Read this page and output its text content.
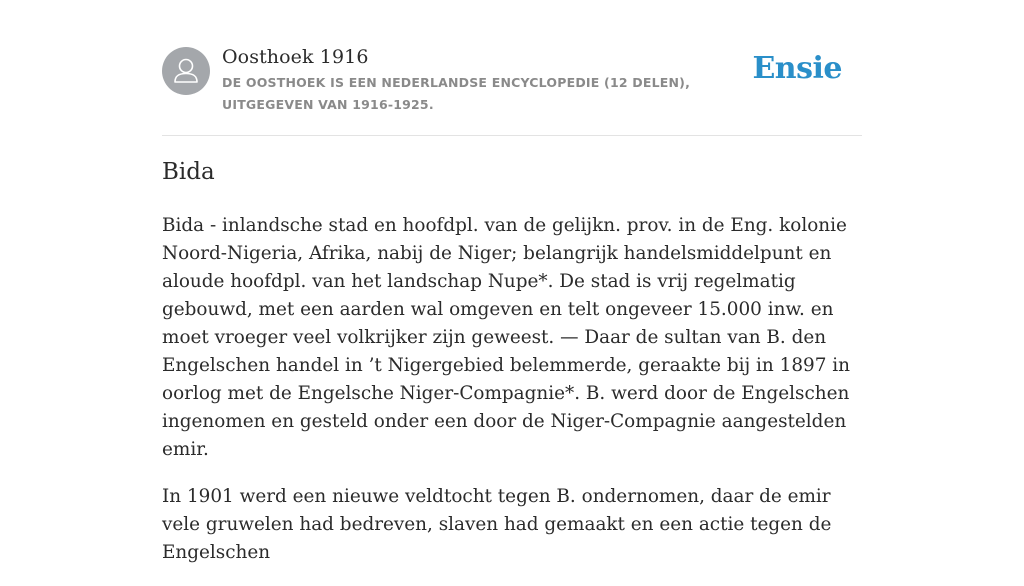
Oosthoek 1916
DE OOSTHOEK IS EEN NEDERLANDSE ENCYCLOPEDIE (12 DELEN), UITGEGEVEN VAN 1916-1925.
Ensie
Bida

Bida - inlandsche stad en hoofdpl. van de gelijkn. prov. in de Eng. kolonie Noord-Nigeria, Afrika, nabij de Niger; belangrijk handelsmiddelpunt en aloude hoofdpl. van het landschap Nupe*. De stad is vrij regelmatig gebouwd, met een aarden wal omgeven en telt ongeveer 15.000 inw. en moet vroeger veel volkrijker zijn geweest. — Daar de sultan van B. den Engelschen handel in ’t Nigergebied belemmerde, geraakte bij in 1897 in oorlog met de Engelsche Niger-Compagnie*. B. werd door de Engelschen ingenomen en gesteld onder een door de Niger-Compagnie aangestelden emir.

In 1901 werd een nieuwe veldtocht tegen B. ondernomen, daar de emir vele gruwelen had bedreven, slaven had gemaakt en een actie tegen de Engelschen
